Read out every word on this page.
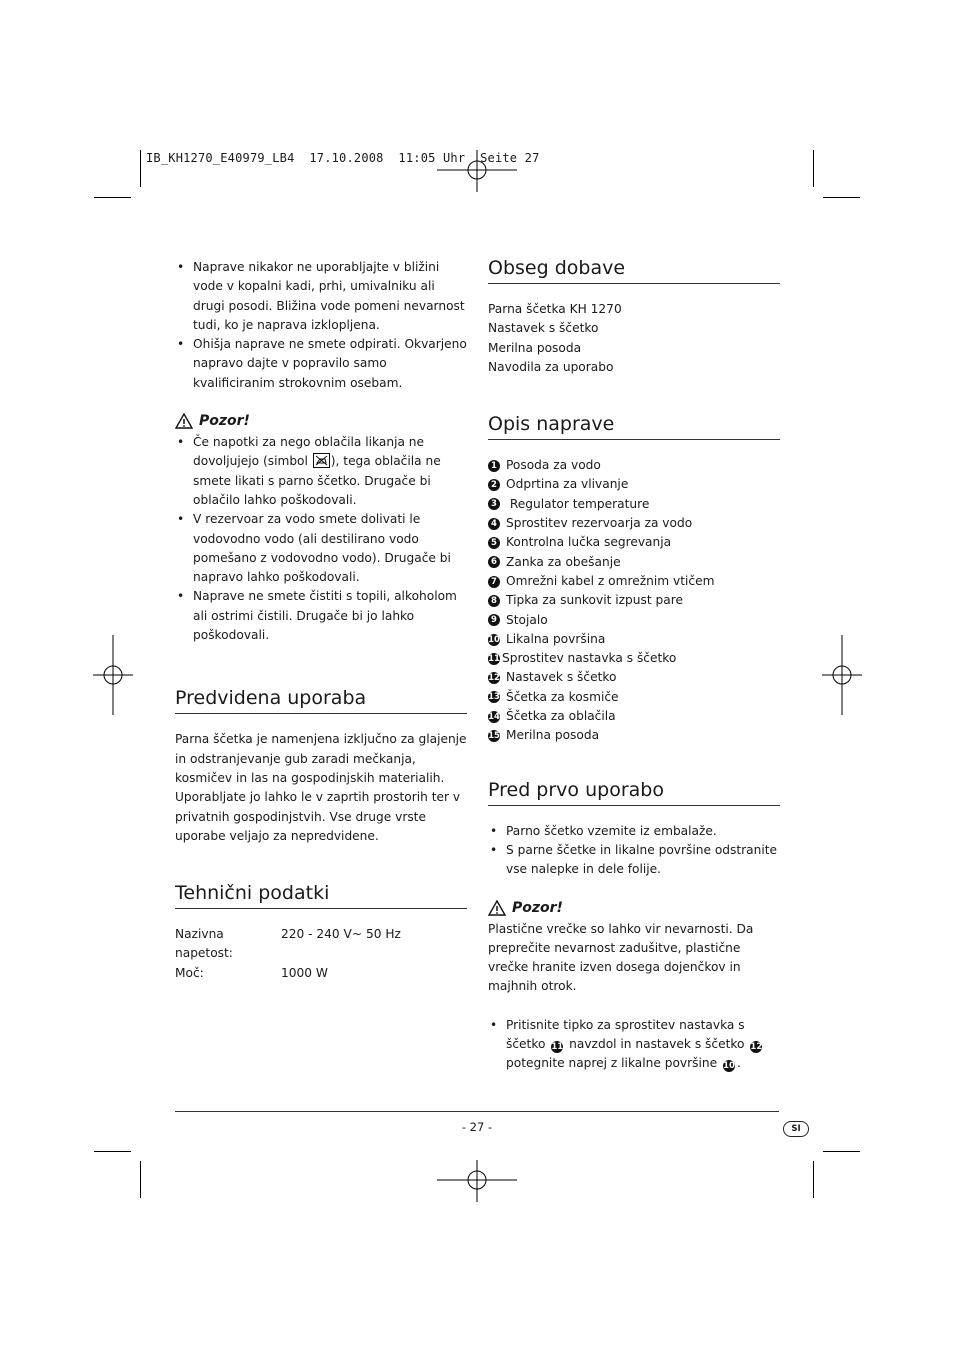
IB_KH1270_E40979_LB4  17.10.2008  11:05 Uhr  Seite 27
• Naprave nikakor ne uporabljajte v bližini vode v kopalni kadi, prhi, umivalniku ali drugi posodi. Bližina vode pomeni nevarnost tudi, ko je naprava izklopljena.
• Ohišja naprave ne smete odpirati. Okvarjeno napravo dajte v popravilo samo kvalificiranim strokovnim osebam.
Pozor!
• Če napotki za nego oblačila likanja ne dovoljujejo (simbol
), tega oblačila ne smete likati s parno ščetko. Drugače bi oblačilo lahko poškodovali.
• V rezervoar za vodo smete dolivati le vodovodno vodo (ali destilirano vodo pomešano z vodovodno vodo). Drugače bi napravo lahko poškodovali.
• Naprave ne smete čistiti s topili, alkoholom ali ostrimi čistili. Drugače bi jo lahko poškodovali.
Predvidena uporaba
Parna ščetka je namenjena izključno za glajenje in odstranjevanje gub zaradi mečkanja, kosmičev in las na gospodinjskih materialih. Uporabljate jo lahko le v zaprtih prostorih ter v privatnih gospodinjstvih. Vse druge vrste uporabe veljajo za nepredvidene.
Tehnični podatki
Nazivna napetost:
220 - 240 V~ 50 Hz
Moč:	1000 W
Obseg dobave
Parna ščetka KH 1270
Nastavek s ščetko
Merilna posoda
Navodila za uporabo
Opis naprave
1 Posoda za vodo
2 Odprtina za vlivanje
3 Regulator temperature
4 Sprostitev rezervoarja za vodo
5 Kontrolna lučka segrevanja
6 Zanka za obešanje
7 Omrežni kabel z omrežnim vtičem
8 Tipka za sunkovit izpust pare
9 Stojalo
10 Likalna površina
11 Sprostitev nastavka s ščetko
12 Nastavek s ščetko
13 Ščetka za kosmiče
14 Ščetka za oblačila
15 Merilna posoda
Pred prvo uporabo
• Parno ščetko vzemite iz embalaže.
• S parne ščetke in likalne površine odstranite vse nalepke in dele folije.
Pozor!
Plastične vrečke so lahko vir nevarnosti. Da preprečite nevarnost zadušitve, plastične vrečke hranite izven dosega dojenčkov in majhnih otrok.
• Pritisnite tipko za sprostitev nastavka s ščetko 11 navzdol in nastavek s ščetko 12 potegnite naprej z likalne površine 10 .
- 27 -	SI
